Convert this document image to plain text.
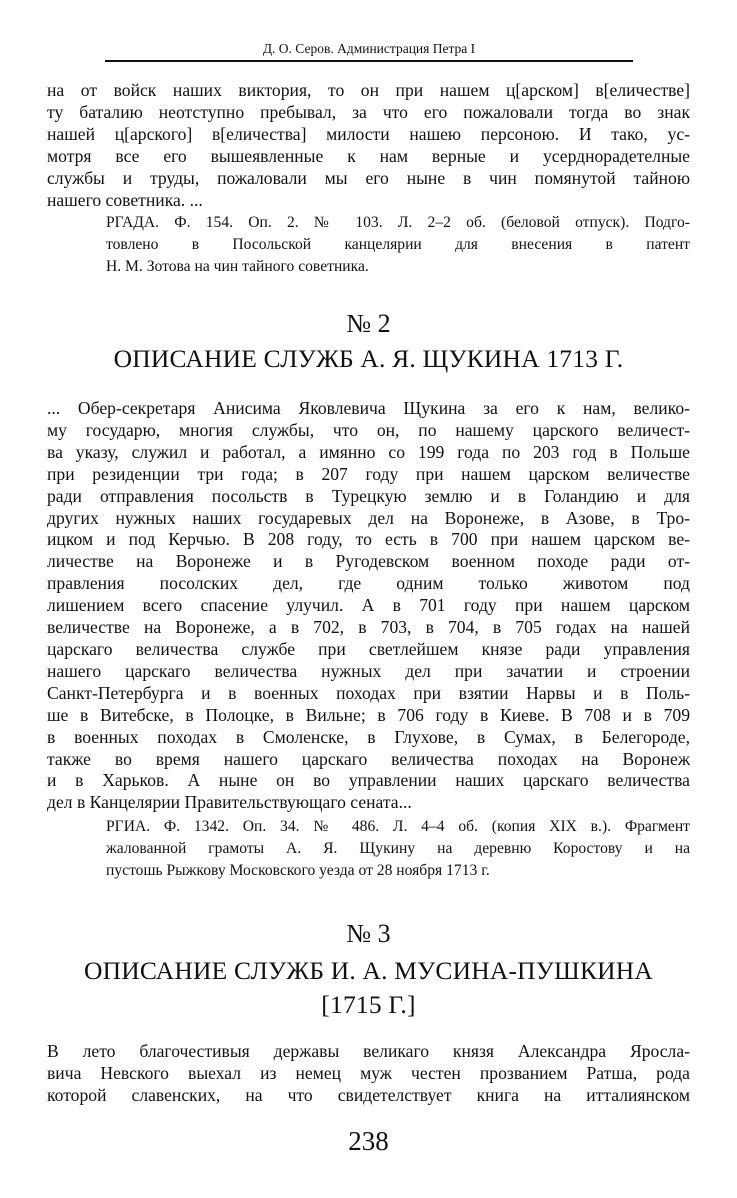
Д. О. Серов. Администрация Петра I
на от войск наших виктория, то он при нашем ц[арском] в[еличестве]
ту баталию неотступно пребывал, за что его пожаловали тогда во знак
нашей ц[арского] в[еличества] милости нашею персоною. И тако, ус-
мотря все его вышеявленные к нам верные и усерднорадетелные
службы и труды, пожаловали мы его ныне в чин помянутой тайною
нашего советника. ...
РГАДА. Ф. 154. Оп. 2. № 103. Л. 2–2 об. (беловой отпуск). Подго-
товлено в Посольской канцелярии для внесения в патент
Н. М. Зотова на чин тайного советника.
№ 2
ОПИСАНИЕ СЛУЖБ А. Я. ЩУКИНА 1713 Г.
... Обер-секретаря Анисима Яковлевича Щукина за его к нам, велико-
му государю, многия службы, что он, по нашему царского величест-
ва указу, служил и работал, а имянно со 199 года по 203 год в Польше
при резиденции три года; в 207 году при нашем царском величестве
ради отправления посольств в Турецкую землю и в Голандию и для
других нужных наших государевых дел на Воронеже, в Азове, в Тро-
ицком и под Керчью. В 208 году, то есть в 700 при нашем царском ве-
личестве на Воронеже и в Ругодевском военном походе ради от-
правления посолских дел, где одним только животом под
лишением всего спасение улучил. А в 701 году при нашем царском
величестве на Воронеже, а в 702, в 703, в 704, в 705 годах на нашей
царскаго величества службе при светлейшем князе ради управления
нашего царскаго величества нужных дел при зачатии и строении
Санкт-Петербурга и в военных походах при взятии Нарвы и в Поль-
ше в Витебске, в Полоцке, в Вильне; в 706 году в Киеве. В 708 и в 709
в военных походах в Смоленске, в Глухове, в Сумах, в Белегороде,
также во время нашего царскаго величества походах на Воронеж
и в Харьков. А ныне он во управлении наших царскаго величества
дел в Канцелярии Правительствующаго сената...
РГИА. Ф. 1342. Оп. 34. № 486. Л. 4–4 об. (копия XIX в.). Фрагмент
жалованной грамоты А. Я. Щукину на деревню Коростову и на
пустошь Рыжкову Московского уезда от 28 ноября 1713 г.
№ 3
ОПИСАНИЕ СЛУЖБ И. А. МУСИНА-ПУШКИНА
[1715 Г.]
В лето благочестивыя державы великаго князя Александра Яросла-
вича Невского выехал из немец муж честен прозванием Ратша, рода
которой славенских, на что свидетелствует книга на итталиянском
238
